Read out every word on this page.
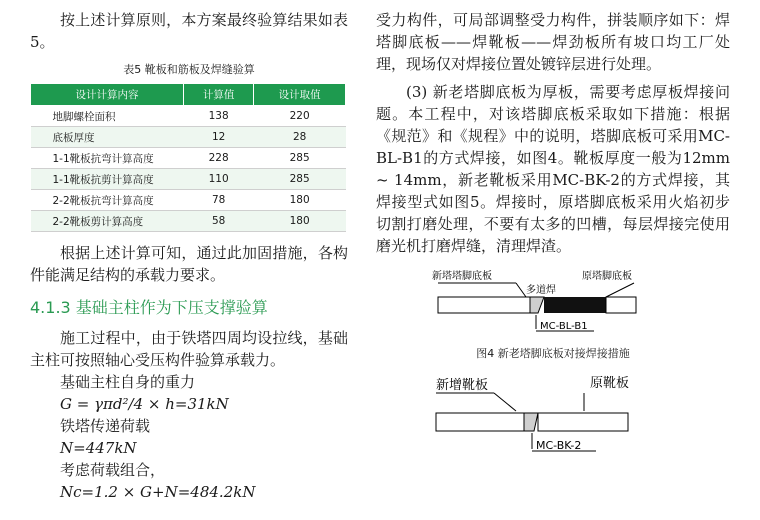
按上述计算原则，本方案最终验算结果如表5。

表5 靴板和筋板及焊缝验算
设计计算内容	计算值	设计取值
地脚螺栓面积	138	220
底板厚度	12	28
1-1靴板抗弯计算高度	228	285
1-1靴板抗剪计算高度	110	285
2-2靴板抗弯计算高度	78	180
2-2靴板剪计算高度	58	180

根据上述计算可知，通过此加固措施，各构件能满足结构的承载力要求。

4.1.3 基础主柱作为下压支撑验算

施工过程中，由于铁塔四周均设拉线，基础主柱可按照轴心受压构件验算承载力。

基础主柱自身的重力

G = γπd²/4 × h=31kN

铁塔传递荷载

N=447kN

考虑荷载组合，

Nc=1.2 × G+N=484.2kN

受力构件，可局部调整受力构件，拼装顺序如下：焊塔脚底板——焊靴板——焊劲板所有坡口均工厂处理，现场仅对焊接位置处镀锌层进行处理。

(3) 新老塔脚底板为厚板，需要考虑厚板焊接问题。本工程中，对该塔脚底板采取如下措施：根据《规范》和《规程》中的说明，塔脚底板可采用MC-BL-B1的方式焊接，如图4。靴板厚度一般为12mm ~ 14mm，新老靴板采用MC-BK-2的方式焊接，其焊接型式如图5。焊接时，原塔脚底板采用火焰初步切割打磨处理，不要有太多的凹槽，每层焊接完使用磨光机打磨焊缝，清理焊渣。

新塔塔脚底板
多道焊
原塔脚底板
MC-BL-B1
图4 新老塔脚底板对接焊接措施
新增靴板	原靴板
MC-BK-2
